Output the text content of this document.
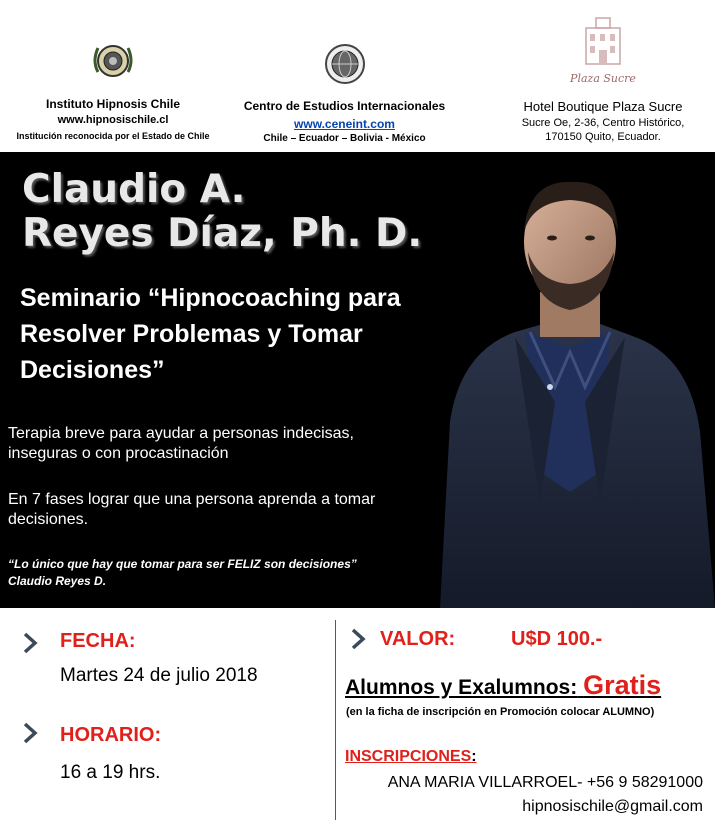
Instituto Hipnosis Chile
www.hipnosischile.cl
Institución reconocida por el Estado de Chile
Centro de Estudios Internacionales
www.ceneint.com
Chile – Ecuador – Bolivia - México
Plaza Sucre
Hotel Boutique Plaza Sucre
Sucre Oe, 2-36, Centro Histórico,
170150 Quito, Ecuador.
Claudio A.
Reyes Díaz, Ph. D.
Seminario “Hipnocoaching para Resolver Problemas y Tomar Decisiones”
Terapia breve para ayudar a personas indecisas, inseguras o con procastinación
En 7 fases lograr que una persona aprenda a tomar decisiones.
“Lo único que hay que tomar para ser FELIZ son decisiones”
Claudio Reyes D.
FECHA:
Martes 24 de julio 2018
HORARIO:
16 a 19 hrs.
VALOR:	U$D 100.-
Alumnos y Exalumnos: Gratis
(en la ficha de inscripción en Promoción colocar ALUMNO)
INSCRIPCIONES:
ANA MARIA VILLARROEL- +56 9 58291000
hipnosischile@gmail.com
